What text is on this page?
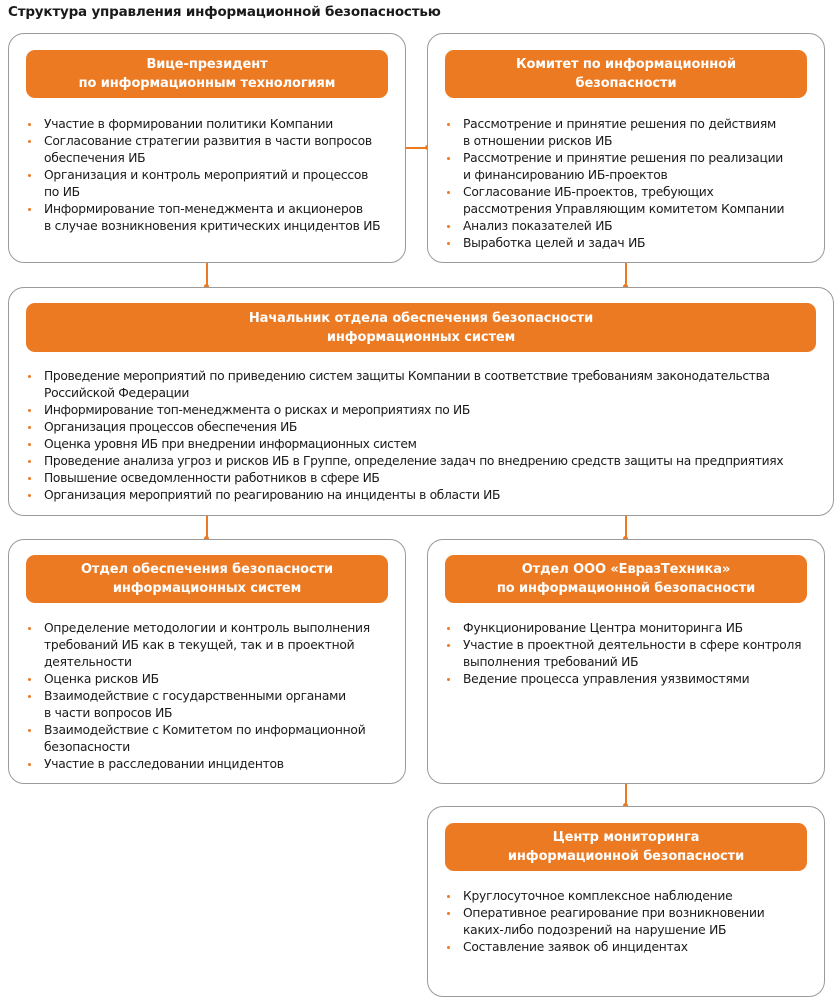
Структура управления информационной безопасностью
Вице-президент
по информационным технологиям
Участие в формировании политики Компании
Согласование стратегии развития в части вопросов
обеспечения ИБ
Организация и контроль мероприятий и процессов
по ИБ
Информирование топ-менеджмента и акционеров
в случае возникновения критических инцидентов ИБ
Комитет по информационной
безопасности
Рассмотрение и принятие решения по действиям
в отношении рисков ИБ
Рассмотрение и принятие решения по реализации
и финансированию ИБ-проектов
Согласование ИБ-проектов, требующих
рассмотрения Управляющим комитетом Компании
Анализ показателей ИБ
Выработка целей и задач ИБ
Начальник отдела обеспечения безопасности
информационных систем
Проведение мероприятий по приведению систем защиты Компании в соответствие требованиям законодательства
Российской Федерации
Информирование топ-менеджмента о рисках и мероприятиях по ИБ
Организация процессов обеспечения ИБ
Оценка уровня ИБ при внедрении информационных систем
Проведение анализа угроз и рисков ИБ в Группе, определение задач по внедрению средств защиты на предприятиях
Повышение осведомленности работников в сфере ИБ
Организация мероприятий по реагированию на инциденты в области ИБ
Отдел обеспечения безопасности
информационных систем
Определение методологии и контроль выполнения
требований ИБ как в текущей, так и в проектной
деятельности
Оценка рисков ИБ
Взаимодействие с государственными органами
в части вопросов ИБ
Взаимодействие с Комитетом по информационной
безопасности
Участие в расследовании инцидентов
Отдел ООО «ЕвразТехника»
по информационной безопасности
Функционирование Центра мониторинга ИБ
Участие в проектной деятельности в сфере контроля
выполнения требований ИБ
Ведение процесса управления уязвимостями
Центр мониторинга
информационной безопасности
Круглосуточное комплексное наблюдение
Оперативное реагирование при возникновении
каких-либо подозрений на нарушение ИБ
Составление заявок об инцидентах
